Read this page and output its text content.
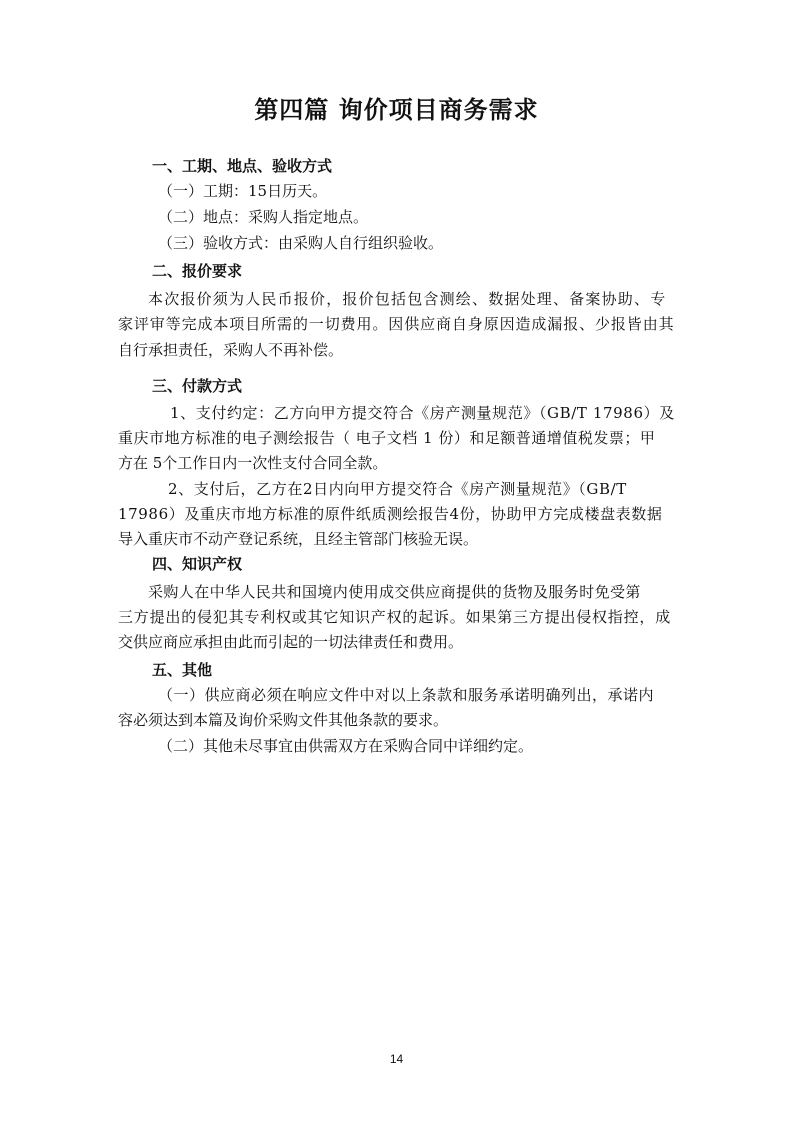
第四篇 询价项目商务需求
一、工期、地点、验收方式
（一）工期：15日历天。
（二）地点：采购人指定地点。
（三）验收方式：由采购人自行组织验收。
二、报价要求
本次报价须为人民币报价，报价包括包含测绘、数据处理、备案协助、专
家评审等完成本项目所需的一切费用。因供应商自身原因造成漏报、少报皆由其
自行承担责任，采购人不再补偿。
三、付款方式
1、支付约定：乙方向甲方提交符合《房产测量规范》（GB/T 17986）及
重庆市地方标准的电子测绘报告（ 电子文档 1 份）和足额普通增值税发票；甲
方在 5个工作日内一次性支付合同全款。
2、支付后，乙方在2日内向甲方提交符合《房产测量规范》（GB/T
17986）及重庆市地方标准的原件纸质测绘报告4份，协助甲方完成楼盘表数据
导入重庆市不动产登记系统，且经主管部门核验无误。
四、知识产权
采购人在中华人民共和国境内使用成交供应商提供的货物及服务时免受第
三方提出的侵犯其专利权或其它知识产权的起诉。如果第三方提出侵权指控，成
交供应商应承担由此而引起的一切法律责任和费用。
五、其他
（一）供应商必须在响应文件中对以上条款和服务承诺明确列出，承诺内
容必须达到本篇及询价采购文件其他条款的要求。
（二）其他未尽事宜由供需双方在采购合同中详细约定。
14
